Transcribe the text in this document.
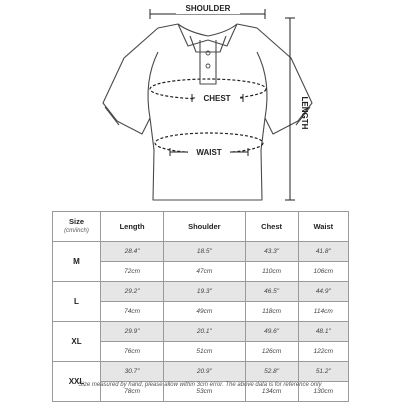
SHOULDER
CHEST
WAIST
LENGTH
Size
(cm/inch)	Length	Shoulder	Chest	Waist
M	28.4"	18.5"	43.3"	41.8"
	72cm	47cm	110cm	106cm
L	29.2"	19.3"	46.5"	44.9"
	74cm	49cm	118cm	114cm
XL	29.9"	20.1"	49.6"	48.1"
	76cm	51cm	126cm	122cm
XXL	30.7"	20.9"	52.8"	51.2"
	78cm	53cm	134cm	130cm
Size measured by hand, please allow within 3cm error. The above data is for reference only
